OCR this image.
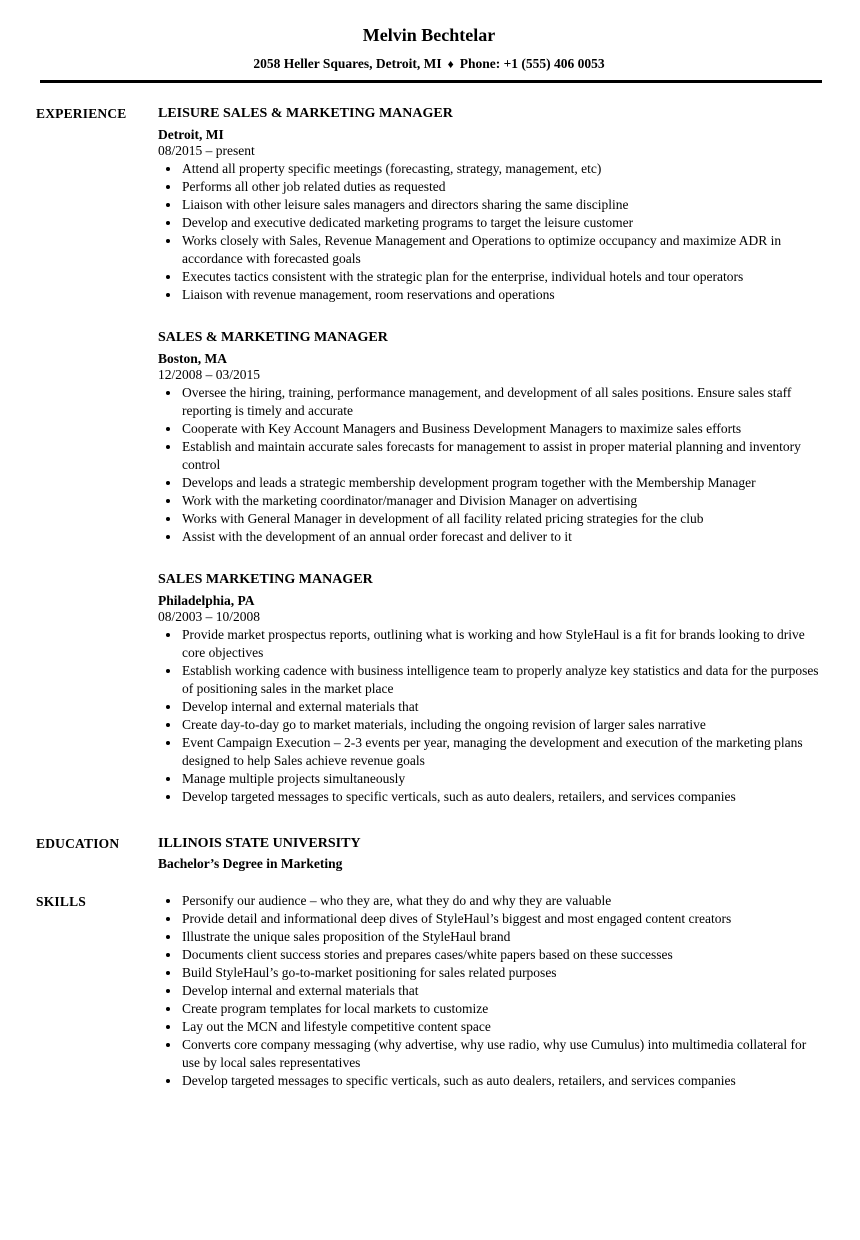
Melvin Bechtelar
2058 Heller Squares, Detroit, MI ♦ Phone: +1 (555) 406 0053
EXPERIENCE	LEISURE SALES & MARKETING MANAGER
Detroit, MI
08/2015 – present
• Attend all property specific meetings (forecasting, strategy, management, etc)
• Performs all other job related duties as requested
• Liaison with other leisure sales managers and directors sharing the same discipline
• Develop and executive dedicated marketing programs to target the leisure customer
• Works closely with Sales, Revenue Management and Operations to optimize occupancy and maximize ADR in accordance with forecasted goals
• Executes tactics consistent with the strategic plan for the enterprise, individual hotels and tour operators
• Liaison with revenue management, room reservations and operations
SALES & MARKETING MANAGER
Boston, MA
12/2008 – 03/2015
• Oversee the hiring, training, performance management, and development of all sales positions. Ensure sales staff reporting is timely and accurate
• Cooperate with Key Account Managers and Business Development Managers to maximize sales efforts
• Establish and maintain accurate sales forecasts for management to assist in proper material planning and inventory control
• Develops and leads a strategic membership development program together with the Membership Manager
• Work with the marketing coordinator/manager and Division Manager on advertising
• Works with General Manager in development of all facility related pricing strategies for the club
• Assist with the development of an annual order forecast and deliver to it
SALES MARKETING MANAGER
Philadelphia, PA
08/2003 – 10/2008
• Provide market prospectus reports, outlining what is working and how StyleHaul is a fit for brands looking to drive core objectives
• Establish working cadence with business intelligence team to properly analyze key statistics and data for the purposes of positioning sales in the market place
• Develop internal and external materials that
• Create day-to-day go to market materials, including the ongoing revision of larger sales narrative
• Event Campaign Execution – 2-3 events per year, managing the development and execution of the marketing plans designed to help Sales achieve revenue goals
• Manage multiple projects simultaneously
• Develop targeted messages to specific verticals, such as auto dealers, retailers, and services companies
EDUCATION	ILLINOIS STATE UNIVERSITY
Bachelor’s Degree in Marketing
SKILLS	• Personify our audience – who they are, what they do and why they are valuable
• Provide detail and informational deep dives of StyleHaul’s biggest and most engaged content creators
• Illustrate the unique sales proposition of the StyleHaul brand
• Documents client success stories and prepares cases/white papers based on these successes
• Build StyleHaul’s go-to-market positioning for sales related purposes
• Develop internal and external materials that
• Create program templates for local markets to customize
• Lay out the MCN and lifestyle competitive content space
• Converts core company messaging (why advertise, why use radio, why use Cumulus) into multimedia collateral for use by local sales representatives
• Develop targeted messages to specific verticals, such as auto dealers, retailers, and services companies
